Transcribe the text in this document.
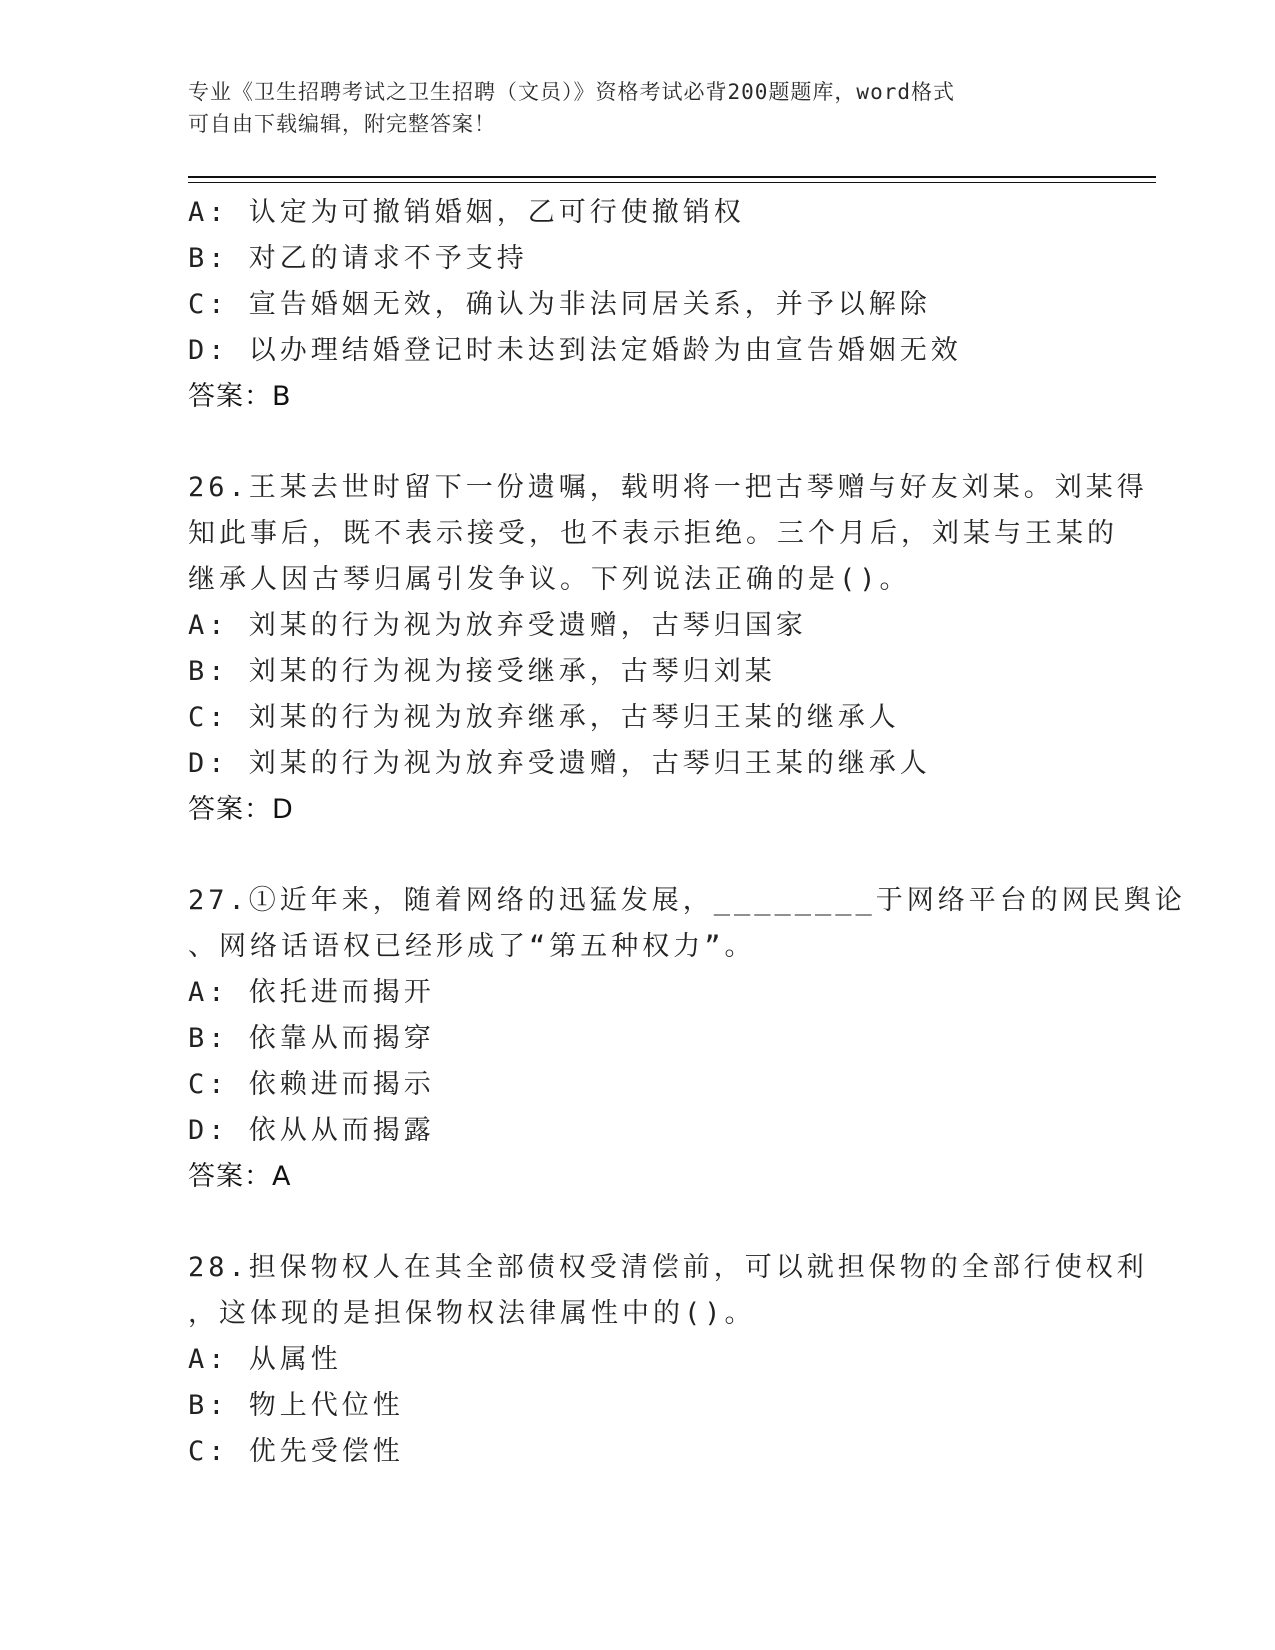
专业《卫生招聘考试之卫生招聘（文员）》资格考试必背200题题库，word格式
可自由下载编辑，附完整答案！
A: 认定为可撤销婚姻，乙可行使撤销权
B: 对乙的请求不予支持
C: 宣告婚姻无效，确认为非法同居关系，并予以解除
D: 以办理结婚登记时未达到法定婚龄为由宣告婚姻无效
答案：B
26.王某去世时留下一份遗嘱，载明将一把古琴赠与好友刘某。刘某得
知此事后，既不表示接受，也不表示拒绝。三个月后，刘某与王某的
继承人因古琴归属引发争议。下列说法正确的是()。
A: 刘某的行为视为放弃受遗赠，古琴归国家
B: 刘某的行为视为接受继承，古琴归刘某
C: 刘某的行为视为放弃继承，古琴归王某的继承人
D: 刘某的行为视为放弃受遗赠，古琴归王某的继承人
答案：D
27.①近年来，随着网络的迅猛发展，________于网络平台的网民舆论
、网络话语权已经形成了“第五种权力”。
A: 依托进而揭开
B: 依靠从而揭穿
C: 依赖进而揭示
D: 依从从而揭露
答案：A
28.担保物权人在其全部债权受清偿前，可以就担保物的全部行使权利
，这体现的是担保物权法律属性中的()。
A: 从属性
B: 物上代位性
C: 优先受偿性
